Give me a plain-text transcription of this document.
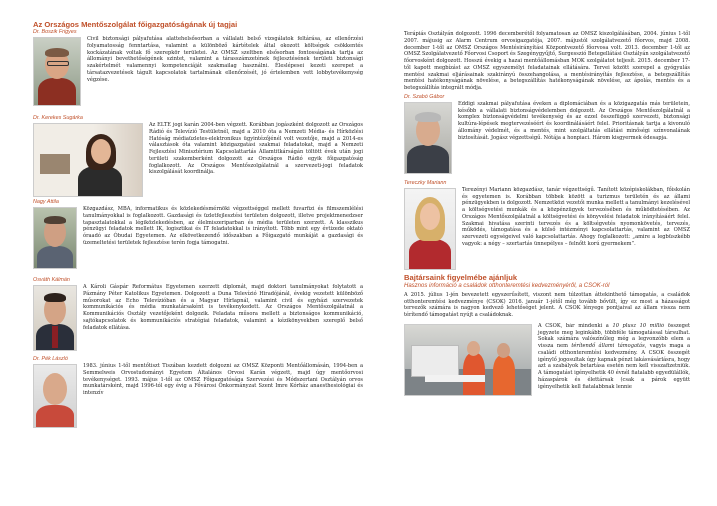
Az Országos Mentőszolgálat főigazgatóságának új tagjai
Dr. Boszik Frigyes

Civil biztonsági pályafutása alattehelsősorban a vállalati belső vizsgálatok feltárása, az ellenőrzési folyamatosság fenntartása, valamint a különböző kártételek által okozott költségek csökkentés kockázatának voltak fő szerepkör területei. Az OMSZ szeltben elsősorban fontosságának tartja az állományi bevethetőségének szintet, valamint a tárasszámzetének fejlesztésének területi biztonsági szakértelmét valamennyi kompetenciáját szakmailag használni. Éleslépesei kezeti szerepet a társatazvezetések tágult kapcsolatok tartalmának ellenőrzését, jó értelemben vett lobbytevékenység végzése.

Dr. Kerekes Sugárka

Az ELTE jogi karán 2004-ben végzett. Korábban jogászként dolgozott az Országos Rádió és Televízió Testületnél, majd a 2010 óta a Nemzeti Média- és Hírközlési Hatóság médiaüzletes-elektronikus ügyintézőjénél volt vezetője, majd a 2014-es választások óta valamint közigazgatási szakmai feladatokat, majd a Nemzeti Fejlesztési Minisztérium Kapcsolattartás Államtitkárságán töltött évek után jogi területi szakemberként dolgozott az Országos Rádió egyik főigazgatóság foglalkozott. Az Országos Mentőszolgálatnál a szervezeti-jogi feladatok kiszolgálását koordinálja.

Nagy Attila

Közgazdász, MBA, informatikus és közlekedésmérnöki végzettséggel mellett fuvarfizi és filmszemlélési tanulmányokkal is foglalkozott. Gazdasági és üzletfejlesztési területen dolgozott, illetve projektmenedzser tapasztalatokkal a légiközlekedésben, az élelmiszeriparban és média területen szerzett. A klasszikus pénzügyi feladatok mellett IK, logisztikai és IT feladatokkal is irányított. Több mint egy évtizede oktató óraadó az Óbudai Egyetemen. Az elkövetkezendő időszakban a Főigazgató munkáját a gazdasági és üzemeltetési területek fejlesztése terén fogja támogatni.

Osváth Kálmán

A Károli Gáspár Református Egyetemen szerzett diplomát, majd doktori tanulmányokat folytatott a Pázmány Péter Katolikus Egyetemen. Dolgozott a Duna Televízió Hiradójánál, évekig vezetett különböző műsorokat az Echo Televízióban és a Magyar Hírlapnál, valamint civil és egyházi szervezetek kommunikációs és média munkatársaként is tevékenykedett. Az Országos Mentőszolgálatnál a Kommunikációs Osztály vezetőjeként dolgozik. Feladata műsora mellett a biztonságos kommunikáció, sajtókapcsolatok és kommunikációs stratégiai feladatok, valamint a kézikönyvekben szereplő belső feladatok ellátása.

Dr. Pék László

1983. június 1-től mentőtiszt Tiszában kezdett dolgozni az OMSZ Központi Mentőállomásán, 1994-ben a Semmelweis Orvostudományi Egyetem Általános Orvosi Karán végzett, majd úgy mentőorvosi tevékenységet. 1993. május 1-től az OMSZ Főigazgatósága Szervezési és Módszertani Osztályán orvos munkatársként, majd 1996-tól egy évig a Fővárosi Önkormányzat Szent Imre Kórház anaesthesiológiai és intenzív

Terápiás Osztályán dolgozott. 1996 decemberétől folyamatosan az OMSZ kiszolgálásában, 2004. június 1-től 2007. májusig az Alarm Centrum orvosigazgatója, 2007. májustól szolgálatvezető főorvos, majd 2008. december 1-től az OMSZ Országos Mentésirányítási Központvezető főorvosa volt. 2013. december 1-től az OMSZ Szolgálatvezető Főorvosi Csoport és Szegénygyűjtő, Surgesszió Betegellátási Osztályán szolgálatvezető főorvosként dolgozott. Hosszú évekig a hazai mentőállomásban MOK szolgálatot teljesít. 2015. december 17-től kapott megbízást az OMSZ egyszemélyi feladatainak ellátására. Tervei között szerepel a gyógyulás mentési szakmai eljárásainak szakirányú összehangolása, a mentésirányítás fejlesztése, a betegszállítás mentési hatékonyságának növelése, a betegszállítás hatékonyságának növelése, az ápolás, mentés és a betegszállítás integrált módja.

Dr. Szabó Gábor

Eddigi szakmai pályafutása éveken a diplomáciában és a közigazgatás más területein, később a vállalati biztonságvédelemben dolgozott. Az Országos Mentőszolgálatnál a komplex biztonságvédelmi tevékenység és az ezzel összefüggő szervezeti, biztonsági kultúra-lépések megtervezéséért és koordinálásáért felel. Prioritásnak tartja a kivonuló állomány védelmét, és a mentés, mint szolgáltatás ellátási minőségi színvonalának biztosítását. Jogász végzettségű. Nótája a honpiaci. Három kisgyermek édesapja.

Tereczky Mariann

Terezényi Mariann közgazdász, tanár végzettségű. Tanított középiskolákban, főiskolán és egyetemen is. Korábban többek között a turizmus területén és az állami pénzügyekben is dolgozott. Nemzetközi vezetői munka mellett a tanulmányi kezelésével a költségvetési munkák és a közpénzügyek tervezésében és működtetésében. Az Országos Mentőszolgálatnál a költségvetési és könyvelési feladatok irányításáért felel. Szakmai hivatása szerinti tervezés és a költségvetés nyomonkövetés, tervezés, működés, támogatása és a külső intézményi kapcsolattartás, valamint az OMSZ szervezeti egységeivel való kapcsolattartás. Ahogy foglalkozott: „amire a legbüszkébb vagyok: a négy – szertartás ünnepélyes – felnőtt korú gyermekem”.

Bajtársaink figyelmébe ajánljuk
Hasznos információ a családok otthonteremtési kedvezményéről, a CSOK-ról

A 2015. július 1-jén bevezetett egyszerűsített, viszont nem túlzottan áttekinthető támogatás, a családok otthonteremtési kedvezménye (CSOK) 2016. január 1-jétől még tovább bővült, így ez most a házasságot tervezők számára is nagyon kedvező lehetőséget jelent. A CSOK lényege pontjaival az állam vissza nem térítendő támogatást nyújt a családoknak.

A CSOK, bár mindenki a 10 plusz 10 millió összeget jegyzete meg leginkább, többféle támogatással társulhat. Sokak számára valószínűleg még a legvonzóbb elem a vissza nem térítendő állami támogatás, vagyis maga a családi otthonteremtési kedvezmény. A CSOK összegét igénylő jogosultak úgy kapnak pénzt lakásvásárlásra, hogy azt a szabályok betartása esetén nem kell visszafizetniük. A támogatást igényelhetik 40 évnél fiatalabb egyedülállók, házaspárok és élettársak (csak a párok együtt igényelhetik kell fiatalabbnak lennie
